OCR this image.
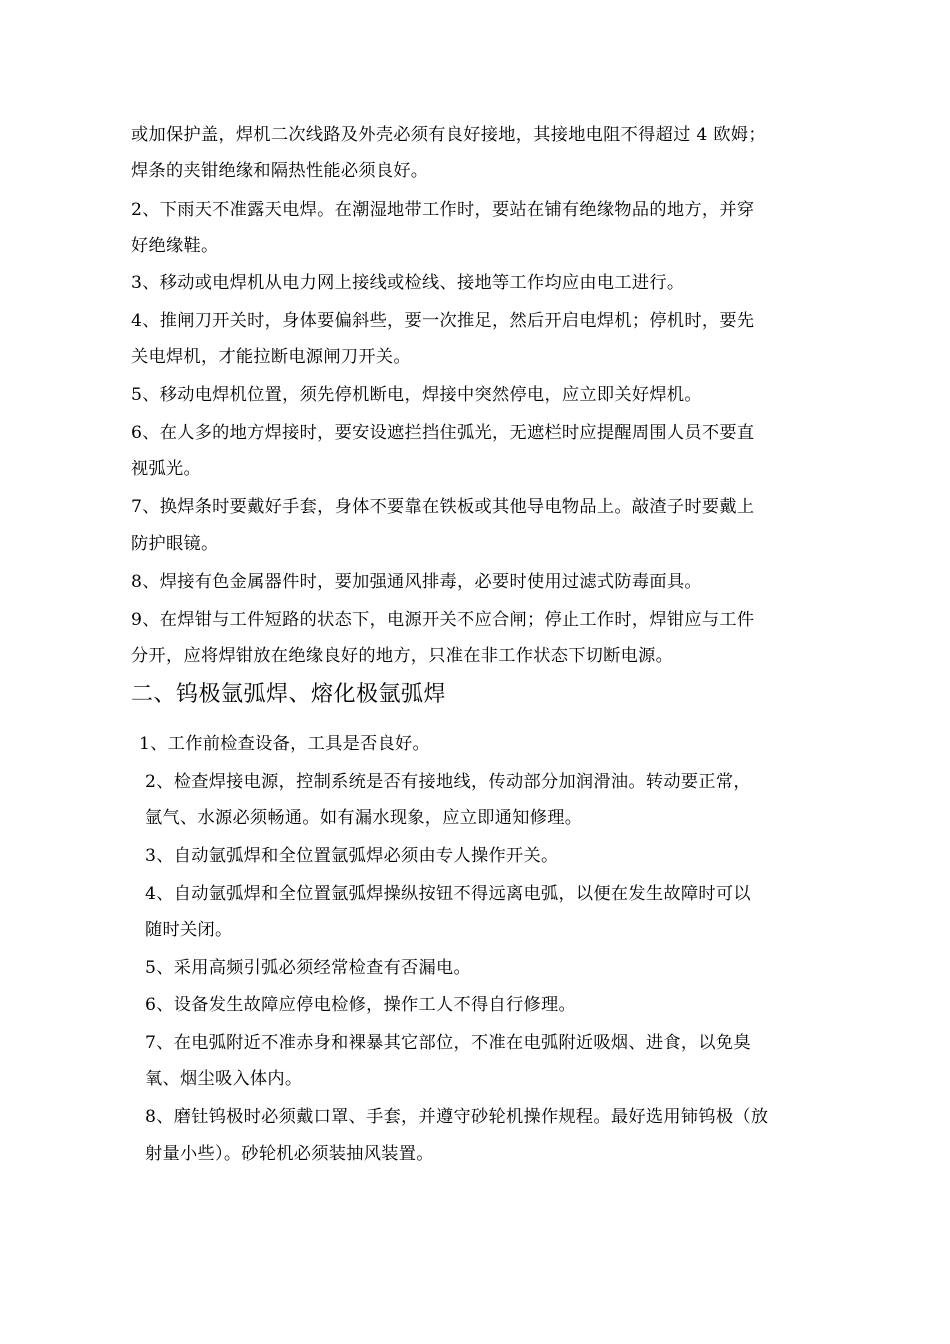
或加保护盖，焊机二次线路及外壳必须有良好接地，其接地电阻不得超过 4 欧姆；
焊条的夹钳绝缘和隔热性能必须良好。
2、下雨天不准露天电焊。在潮湿地带工作时，要站在铺有绝缘物品的地方，并穿
好绝缘鞋。
3、移动或电焊机从电力网上接线或检线、接地等工作均应由电工进行。
4、推闸刀开关时，身体要偏斜些，要一次推足，然后开启电焊机；停机时，要先
关电焊机，才能拉断电源闸刀开关。
5、移动电焊机位置，须先停机断电，焊接中突然停电，应立即关好焊机。
6、在人多的地方焊接时，要安设遮拦挡住弧光，无遮栏时应提醒周围人员不要直
视弧光。
7、换焊条时要戴好手套，身体不要靠在铁板或其他导电物品上。敲渣子时要戴上
防护眼镜。
8、焊接有色金属器件时，要加强通风排毒，必要时使用过滤式防毒面具。
9、在焊钳与工件短路的状态下，电源开关不应合闸；停止工作时，焊钳应与工件
分开，应将焊钳放在绝缘良好的地方，只准在非工作状态下切断电源。
二、钨极氩弧焊、熔化极氩弧焊
1、工作前检查设备，工具是否良好。
2、检查焊接电源，控制系统是否有接地线，传动部分加润滑油。转动要正常，
氩气、水源必须畅通。如有漏水现象，应立即通知修理。
3、自动氩弧焊和全位置氩弧焊必须由专人操作开关。
4、自动氩弧焊和全位置氩弧焊操纵按钮不得远离电弧，以便在发生故障时可以
随时关闭。
5、采用高频引弧必须经常检查有否漏电。
6、设备发生故障应停电检修，操作工人不得自行修理。
7、在电弧附近不准赤身和裸暴其它部位，不准在电弧附近吸烟、进食，以免臭
氧、烟尘吸入体内。
8、磨钍钨极时必须戴口罩、手套，并遵守砂轮机操作规程。最好选用铈钨极（放
射量小些）。砂轮机必须装抽风装置。
